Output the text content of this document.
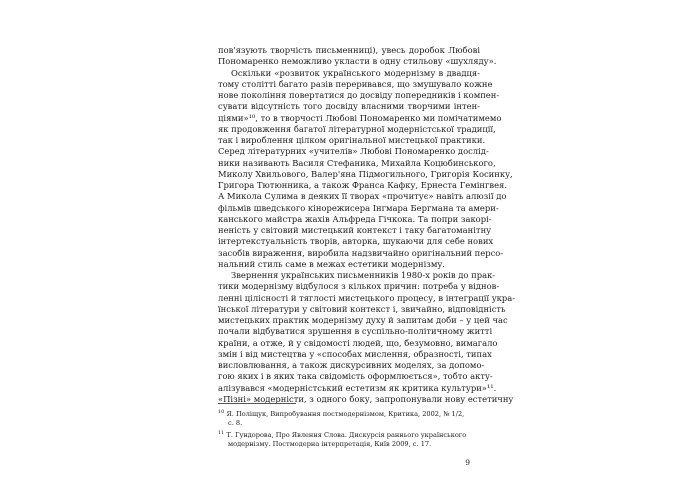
пов'язують творчість письменниці), увесь доробок Любові
Пономаренко неможливо укласти в одну стильову «шухляду».
Оскільки «розвиток українського модернізму в двадця-
тому столітті багато разів переривався, що змушувало кожне
нове покоління повертатися до досвіду попередників і компен-
сувати відсутність того досвіду власними творчими інтен-
ціями»¹⁰, то в творчості Любові Пономаренко ми помічатимемо
як продовження багатої літературної модерністської традиції,
так і вироблення цілком оригінальної мистецької практики.
Серед літературних «учителів» Любові Пономаренко дослід-
ники називають Василя Стефаника, Михайла Коцюбинського,
Миколу Хвильового, Валер'яна Підмогильного, Григорія Косинку,
Григора Тютюнника, а також Франса Кафку, Ернеста Гемінгвея.
А Микола Сулима в деяких її творах «прочитує» навіть алюзії до
фільмів шведського кінорежисера Інгмара Бергмана та амери-
канського майстра жахів Альфреда Гічкока. Та попри закорі-
неність у світовий мистецький контекст і таку багатоманітну
інтертекстуальність творів, авторка, шукаючи для себе нових
засобів вираження, виробила надзвичайно оригінальний персо-
нальний стиль саме в межах естетики модернізму.
Звернення українських письменників 1980-х років до прак-
тики модернізму відбулося з кількох причин: потреба у віднов-
ленні цілісності й тяглості мистецького процесу, в інтеграції укра-
їнської літератури у світовий контекст і, звичайно, відповідність
мистецьких практик модернізму духу й запитам доби – у цей час
почали відбуватися зрушення в суспільно-політичному житті
країни, а отже, й у свідомості людей, що, безумовно, вимагало
змін і від мистецтва у «способах мислення, образності, типах
висловлювання, а також дискурсивних моделях, за допомо-
гою яких і в яких така свідомість оформлюється», тобто акту-
алізувався «модерністський естетизм як критика культури»¹¹.
«Пізні» модерністи, з одного боку, запропонували нову естетичну
$^{10}$ Я. Поліщук, Випробування постмодернізмом, Критика, 2002, № 1/2,
с. 8.
$^{11}$ Т. Гундорова, Про Явлення Слова. Дискурсія раннього українського
модернізму. Постмодерна інтерпретація, Київ 2009, с. 17.
9
